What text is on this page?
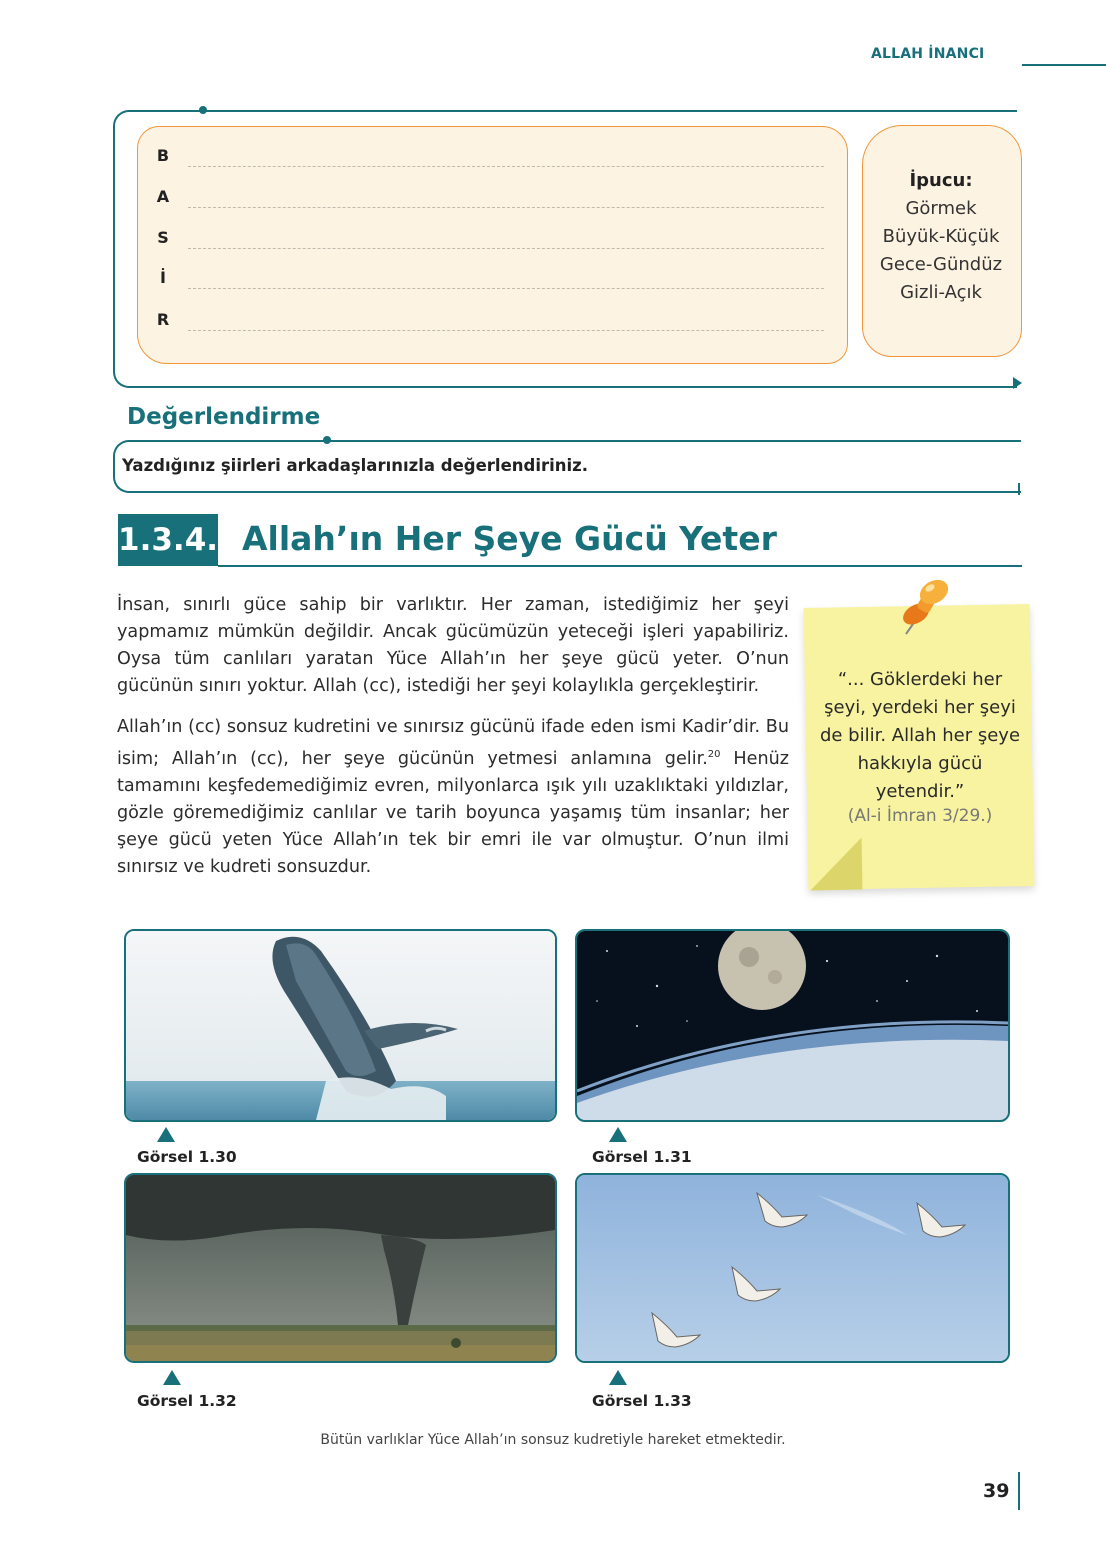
ALLAH İNANCI
B
A
S
İ
R
İpucu:
Görmek
Büyük-Küçük
Gece-Gündüz
Gizli-Açık
Değerlendirme
Yazdığınız şiirleri arkadaşlarınızla değerlendiriniz.
1.3.4. Allah’ın Her Şeye Gücü Yeter

İnsan, sınırlı güce sahip bir varlıktır. Her zaman, istediğimiz her şeyi yapmamız mümkün değildir. Ancak gücümüzün yeteceği işleri yapabiliriz. Oysa tüm canlıları yaratan Yüce Allah’ın her şeye gücü yeter. O’nun gücünün sınırı yoktur. Allah (cc), istediği her şeyi kolaylıkla gerçekleştirir.

Allah’ın (cc) sonsuz kudretini ve sınırsız gücünü ifade eden ismi Kadir’dir. Bu isim; Allah’ın (cc), her şeye gücünün yetmesi anlamına gelir.$^{20}$ Henüz tamamını keşfedemediğimiz evren, milyonlarca ışık yılı uzaklıktaki yıldızlar, gözle göremediğimiz canlılar ve tarih boyunca yaşamış tüm insanlar; her şeye gücü yeten Yüce Allah’ın tek bir emri ile var olmuştur. O’nun ilmi sınırsız ve kudreti sonsuzdur.

“... Göklerdeki her şeyi, yerdeki her şeyi de bilir. Allah her şeye hakkıyla gücü yetendir.”
(Al-i İmran 3/29.)
Görsel 1.30	Görsel 1.31
Görsel 1.32	Görsel 1.33
Bütün varlıklar Yüce Allah’ın sonsuz kudretiyle hareket etmektedir.
39
